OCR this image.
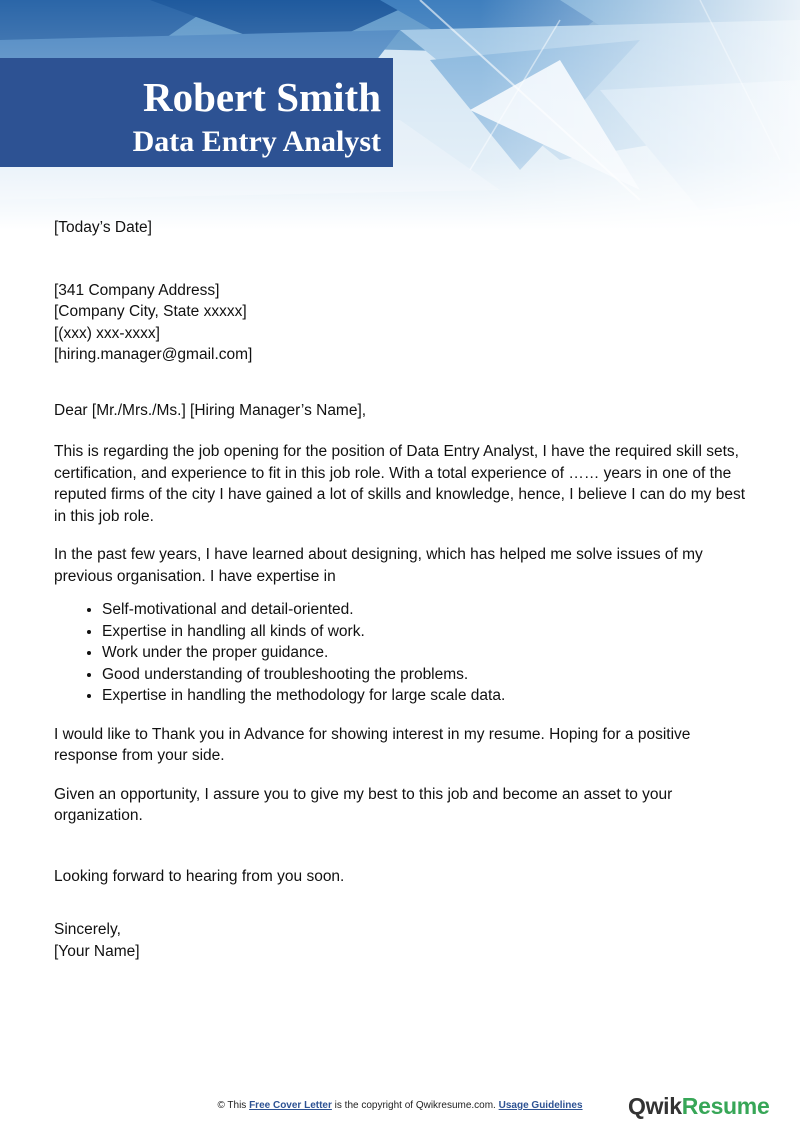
Robert Smith
Data Entry Analyst

[Today’s Date]

[341 Company Address]

[Company City, State xxxxx]

[(xxx) xxx-xxxx]

[hiring.manager@gmail.com]

Dear [Mr./Mrs./Ms.] [Hiring Manager’s Name],

This is regarding the job opening for the position of Data Entry Analyst, I have the required skill sets, certification, and experience to fit in this job role. With a total experience of …… years in one of the reputed firms of the city I have gained a lot of skills and knowledge, hence, I believe I can do my best in this job role.

In the past few years, I have learned about designing, which has helped me solve issues of my previous organisation. I have expertise in

• Self-motivational and detail-oriented.
• Expertise in handling all kinds of work.
• Work under the proper guidance.
• Good understanding of troubleshooting the problems.
• Expertise in handling the methodology for large scale data.

I would like to Thank you in Advance for showing interest in my resume. Hoping for a positive response from your side.

Given an opportunity, I assure you to give my best to this job and become an asset to your organization.

Looking forward to hearing from you soon.

Sincerely,

[Your Name]

© This Free Cover Letter is the copyright of Qwikresume.com. Usage Guidelines	QwikResume
